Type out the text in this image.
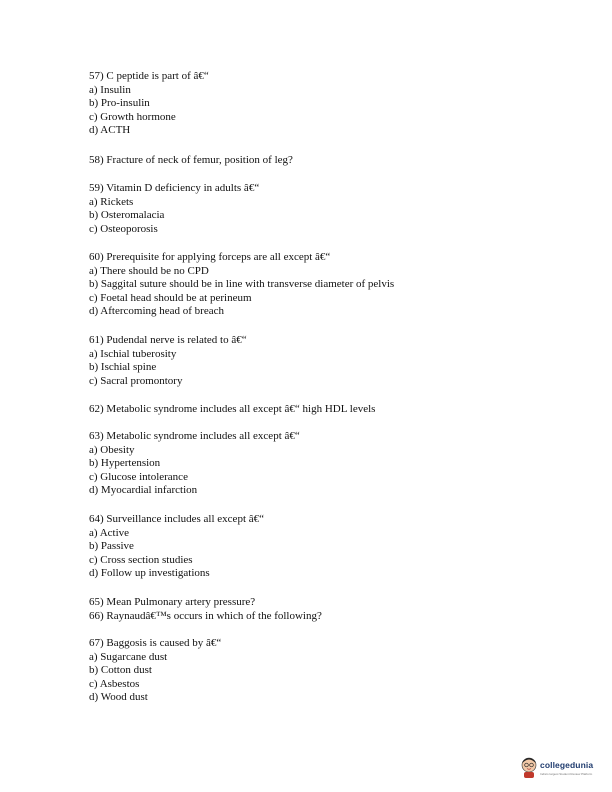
57) C peptide is part of â€“
a) Insulin
b) Pro-insulin
c) Growth hormone
d) ACTH
58) Fracture of neck of femur, position of leg?
59) Vitamin D deficiency in adults â€“
a) Rickets
b) Osteromalacia
c) Osteoporosis
60) Prerequisite for applying forceps are all except â€“
a) There should be no CPD
b) Saggital suture should be in line with transverse diameter of pelvis
c) Foetal head should be at perineum
d) Aftercoming head of breach
61) Pudendal nerve is related to â€“
a) Ischial tuberosity
b) Ischial spine
c) Sacral promontory
62) Metabolic syndrome includes all except â€“ high HDL levels
63) Metabolic syndrome includes all except â€“
a) Obesity
b) Hypertension
c) Glucose intolerance
d) Myocardial infarction
64) Surveillance includes all except â€“
a) Active
b) Passive
c) Cross section studies
d) Follow up investigations
65) Mean Pulmonary artery pressure?
66) Raynaudâ€™s occurs in which of the following?
67) Baggosis is caused by â€“
a) Sugarcane dust
b) Cotton dust
c) Asbestos
d) Wood dust
collegedunia
India's largest Student Review Platform
